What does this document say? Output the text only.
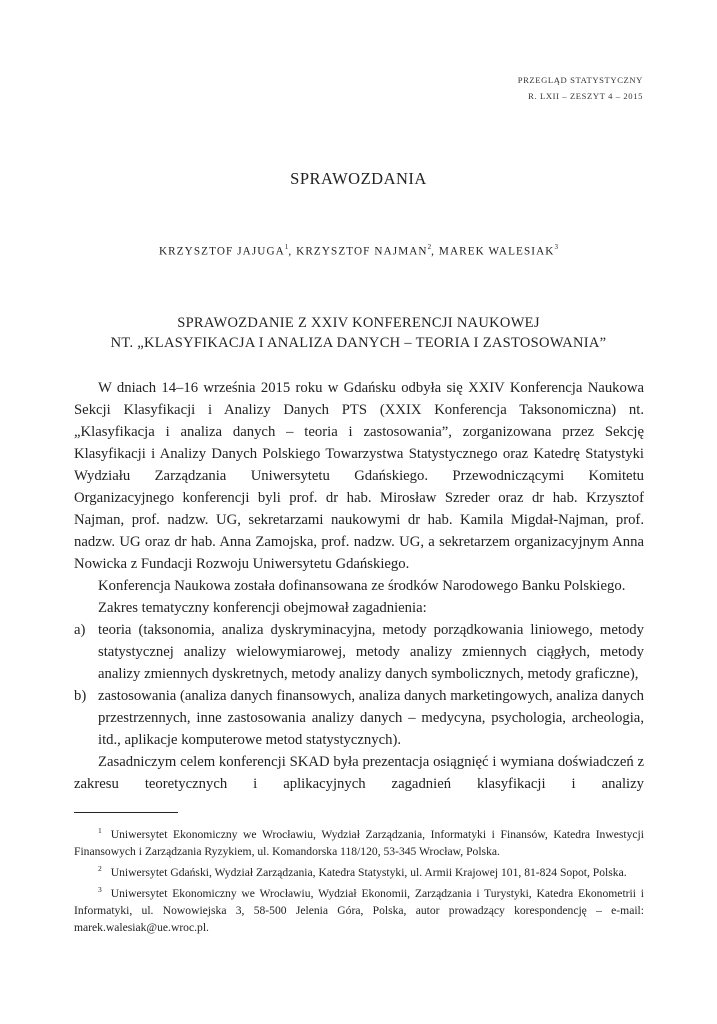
PRZEGLĄD STATYSTYCZNY
R. LXII – ZESZYT 4 – 2015
SPRAWOZDANIA
KRZYSZTOF JAJUGA$^1$, KRZYSZTOF NAJMAN$^2$, MAREK WALESIAK$^3$
SPRAWOZDANIE Z XXIV KONFERENCJI NAUKOWEJ
NT. „KLASYFIKACJA I ANALIZA DANYCH – TEORIA I ZASTOSOWANIA”

W dniach 14–16 września 2015 roku w Gdańsku odbyła się XXIV Konferencja Naukowa Sekcji Klasyfikacji i Analizy Danych PTS (XXIX Konferencja Taksonomiczna) nt. „Klasyfikacja i analiza danych – teoria i zastosowania”, zorganizowana przez Sekcję Klasyfikacji i Analizy Danych Polskiego Towarzystwa Statystycznego oraz Katedrę Statystyki Wydziału Zarządzania Uniwersytetu Gdańskiego. Przewodniczącymi Komitetu Organizacyjnego konferencji byli prof. dr hab. Mirosław Szreder oraz dr hab. Krzysztof Najman, prof. nadzw. UG, sekretarzami naukowymi dr hab. Kamila Migdał-Najman, prof. nadzw. UG oraz dr hab. Anna Zamojska, prof. nadzw. UG, a sekretarzem organizacyjnym Anna Nowicka z Fundacji Rozwoju Uniwersytetu Gdańskiego.

Konferencja Naukowa została dofinansowana ze środków Narodowego Banku Polskiego.

Zakres tematyczny konferencji obejmował zagadnienia:

a) teoria (taksonomia, analiza dyskryminacyjna, metody porządkowania liniowego, metody statystycznej analizy wielowymiarowej, metody analizy zmiennych ciągłych, metody analizy zmiennych dyskretnych, metody analizy danych symbolicznych, metody graficzne),
b) zastosowania (analiza danych finansowych, analiza danych marketingowych, analiza danych przestrzennych, inne zastosowania analizy danych – medycyna, psychologia, archeologia, itd., aplikacje komputerowe metod statystycznych).

Zasadniczym celem konferencji SKAD była prezentacja osiągnięć i wymiana doświadczeń z zakresu teoretycznych i aplikacyjnych zagadnień klasyfikacji i analizy

$^1$ Uniwersytet Ekonomiczny we Wrocławiu, Wydział Zarządzania, Informatyki i Finansów, Katedra Inwestycji Finansowych i Zarządzania Ryzykiem, ul. Komandorska 118/120, 53-345 Wrocław, Polska.

$^2$ Uniwersytet Gdański, Wydział Zarządzania, Katedra Statystyki, ul. Armii Krajowej 101, 81-824 Sopot, Polska.

$^3$ Uniwersytet Ekonomiczny we Wrocławiu, Wydział Ekonomii, Zarządzania i Turystyki, Katedra Ekonometrii i Informatyki, ul. Nowowiejska 3, 58-500 Jelenia Góra, Polska, autor prowadzący korespondencję – e-mail: marek.walesiak@ue.wroc.pl.
